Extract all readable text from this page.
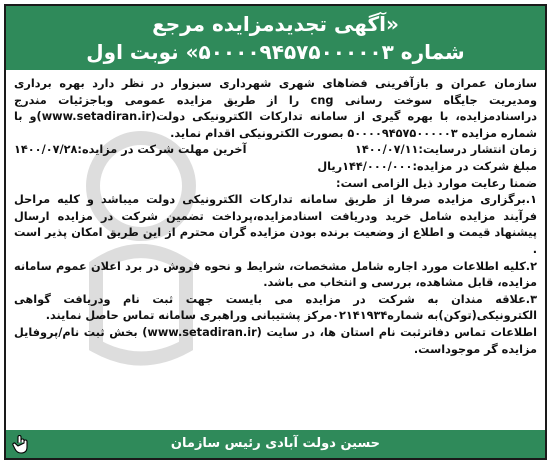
«آگهی تجدیدمزایده مرجع
شماره ۵۰۰۰۰۹۴۵۷۵۰۰۰۰۰۳» نوبت اول

سازمان عمران و بازآفرینی فضاهای شهری شهرداری سبزوار در نظر دارد بهره برداری ومدیریت جایگاه سوخت رسانی cng را از طریق مزایده عمومی وباجزئیات مندرج دراسنادمزایده، با بهره گیری از سامانه تدارکات الکترونیکی دولت(www.setadiran.ir)و با شماره مزایده ۵۰۰۰۰۹۴۵۷۵۰۰۰۰۰۳ بصورت الکترونیکی اقدام نماید.

زمان انتشار درسایت:۱۴۰۰/۰۷/۱۱
آخرین مهلت شرکت در مزایده:۱۴۰۰/۰۷/۲۸

مبلغ شرکت در مزایده:۱۴۴/۰۰۰/۰۰۰ریال

ضمنا رعایت موارد ذیل الزامی است:

۱.برگزاری مزایده صرفا از طریق سامانه تدارکات الکترونیکی دولت میباشد و کلیه مراحل فرآیند مزایده شامل خرید ودریافت اسنادمزایده،پرداخت تضمین شرکت در مزایده ارسال پیشنهاد قیمت و اطلاع از وضعیت برنده بودن مزایده گران محترم از این طریق امکان پذیر است .

۲.کلیه اطلاعات مورد اجاره شامل مشخصات، شرایط و نحوه فروش در برد اعلان عموم سامانه مزایده، قابل مشاهده، بررسی و انتخاب می باشد.

۳.علاقه مندان به شرکت در مزایده می بایست جهت ثبت نام ودریافت گواهی الکترونیکی(توکن)به شماره۰۲۱۴۱۹۳۴مرکز پشتیبانی وراهبری سامانه تماس حاصل نمایند.

اطلاعات تماس دفاترثبت نام استان ها، در سایت (www.setadiran.ir) بخش ثبت نام/پروفایل مزایده گر موجوداست.

حسین دولت آبادی رئیس سازمان
